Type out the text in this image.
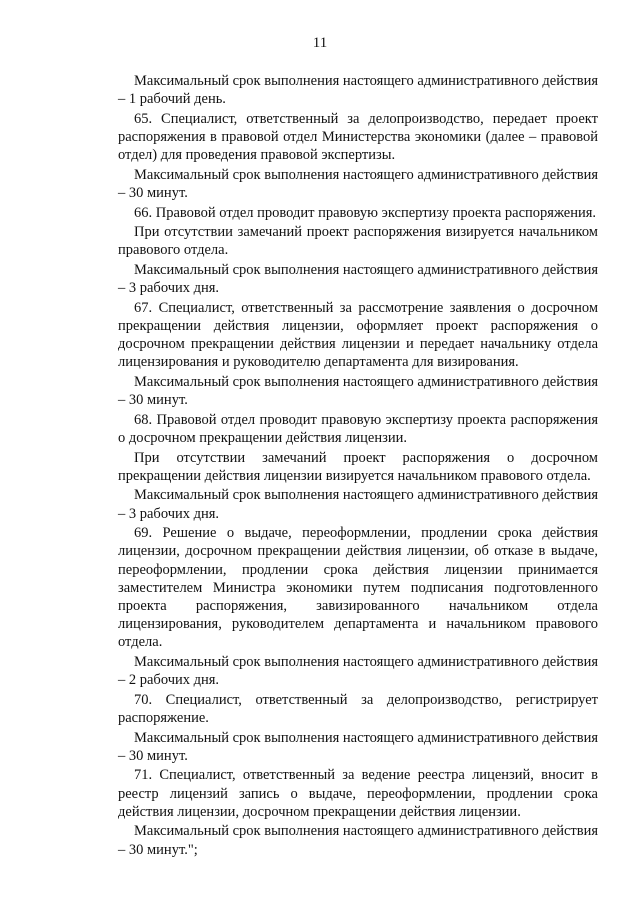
11

Максимальный срок выполнения настоящего административного действия – 1 рабочий день.

65. Специалист, ответственный за делопроизводство, передает проект распоряжения в правовой отдел Министерства экономики (далее – правовой отдел) для проведения правовой экспертизы.

Максимальный срок выполнения настоящего административного действия – 30 минут.

66. Правовой отдел проводит правовую экспертизу проекта распоряжения.

При отсутствии замечаний проект распоряжения визируется начальником правового отдела.

Максимальный срок выполнения настоящего административного действия – 3 рабочих дня.

67. Специалист, ответственный за рассмотрение заявления о досрочном прекращении действия лицензии, оформляет проект распоряжения о досрочном прекращении действия лицензии и передает начальнику отдела лицензирования и руководителю департамента для визирования.

Максимальный срок выполнения настоящего административного действия – 30 минут.

68. Правовой отдел проводит правовую экспертизу проекта распоряжения о досрочном прекращении действия лицензии.

При отсутствии замечаний проект распоряжения о досрочном прекращении действия лицензии визируется начальником правового отдела.

Максимальный срок выполнения настоящего административного действия – 3 рабочих дня.

69. Решение о выдаче, переоформлении, продлении срока действия лицензии, досрочном прекращении действия лицензии, об отказе в выдаче, переоформлении, продлении срока действия лицензии принимается заместителем Министра экономики путем подписания подготовленного проекта распоряжения, завизированного начальником отдела лицензирования, руководителем департамента и начальником правового отдела.

Максимальный срок выполнения настоящего административного действия – 2 рабочих дня.

70. Специалист, ответственный за делопроизводство, регистрирует распоряжение.

Максимальный срок выполнения настоящего административного действия – 30 минут.

71. Специалист, ответственный за ведение реестра лицензий, вносит в реестр лицензий запись о выдаче, переоформлении, продлении срока действия лицензии, досрочном прекращении действия лицензии.

Максимальный срок выполнения настоящего административного действия – 30 минут.";
